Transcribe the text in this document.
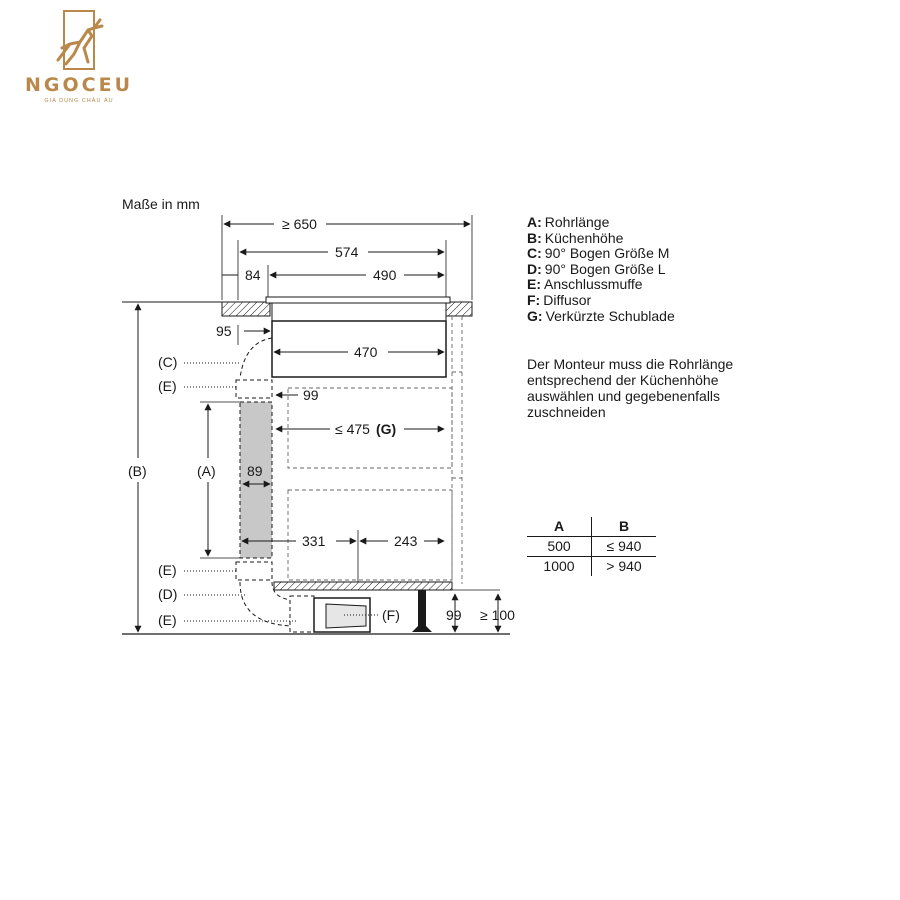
NGOCEU
GIA DỤNG CHÂU ÂU
Maße in mm
≥ 650
574
84	490
95
470
99
≤ 475 (G)
89
331	243
99 ≥ 100
(B)	(A)
(C)
(E)
(E)
(D)
(E)	(F)
A: Rohrlänge
B: Küchenhöhe
C: 90° Bogen Größe M
D: 90° Bogen Größe L
E: Anschlussmuffe
F: Diffusor
G: Verkürzte Schublade
Der Monteur muss die Rohrlänge
entsprechend der Küchenhöhe
auswählen und gegebenenfalls
zuschneiden
A	B
500	≤ 940
1000	> 940
